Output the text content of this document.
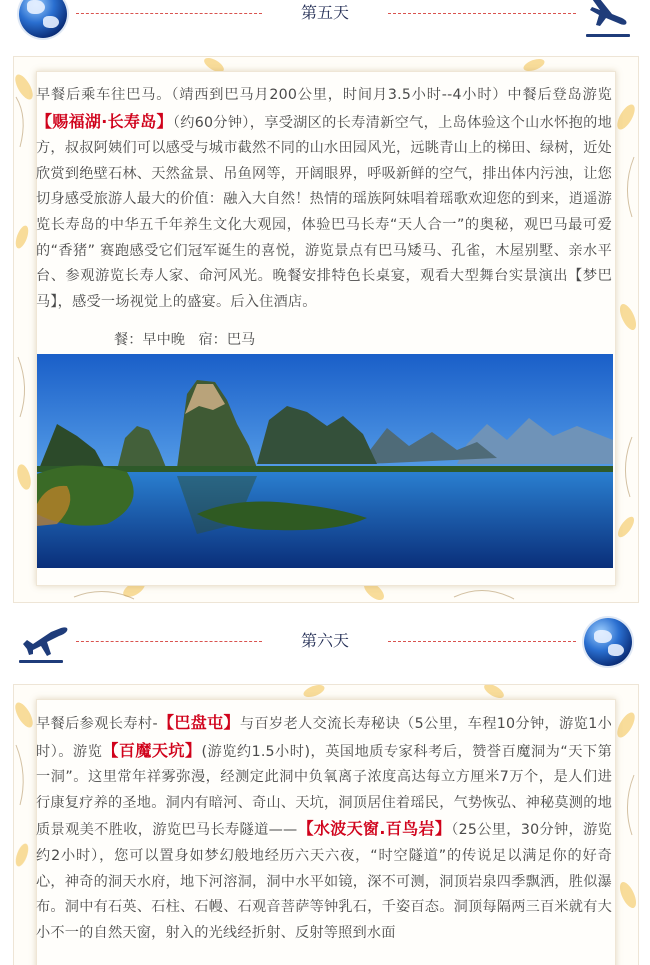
第五天
早餐后乘车往巴马。（靖西到巴马月200公里，时间月3.5小时--4小时）中餐后登岛游览【赐福湖·长寿岛】（约60分钟），享受湖区的长寿清新空气，上岛体验这个山水怀抱的地方，叔叔阿姨们可以感受与城市截然不同的山水田园风光，远眺青山上的梯田、绿树，近处欣赏到绝壁石林、天然盆景、吊鱼网等，开阔眼界，呼吸新鲜的空气，排出体内污浊，让您切身感受旅游人最大的价值：融入大自然！热情的瑶族阿妹唱着瑶歌欢迎您的到来，逍遥游览长寿岛的中华五千年养生文化大观园，体验巴马长寿“天人合一”的奥秘，观巴马最可爱的“香猪” 赛跑感受它们冠军诞生的喜悦，游览景点有巴马矮马、孔雀，木屋别墅、亲水平台、参观游览长寿人家、命河风光。晚餐安排特色长桌宴，观看大型舞台实景演出【梦巴马】，感受一场视觉上的盛宴。后入住酒店。
餐：早中晚 宿：巴马
第六天
早餐后参观长寿村-【巴盘屯】与百岁老人交流长寿秘诀（5公里，车程10分钟，游览1小时）。游览【百魔天坑】(游览约1.5小时)，英国地质专家科考后，赞誉百魔洞为“天下第一洞”。这里常年祥雾弥漫，经测定此洞中负氧离子浓度高达每立方厘米7万个，是人们进行康复疗养的圣地。洞内有暗河、奇山、天坑，洞顶居住着瑶民，气势恢弘、神秘莫测的地质景观美不胜收，游览巴马长寿隧道——【水波天窗.百鸟岩】（25公里，30分钟，游览约2小时），您可以置身如梦幻般地经历六天六夜，“时空隧道”的传说足以满足你的好奇心，神奇的洞天水府，地下河溶洞，洞中水平如镜，深不可测，洞顶岩泉四季飘洒，胜似瀑布。洞中有石英、石柱、石幔、石观音菩萨等钟乳石，千姿百态。洞顶每隔两三百米就有大小不一的自然天窗，射入的光线经折射、反射等照到水面
